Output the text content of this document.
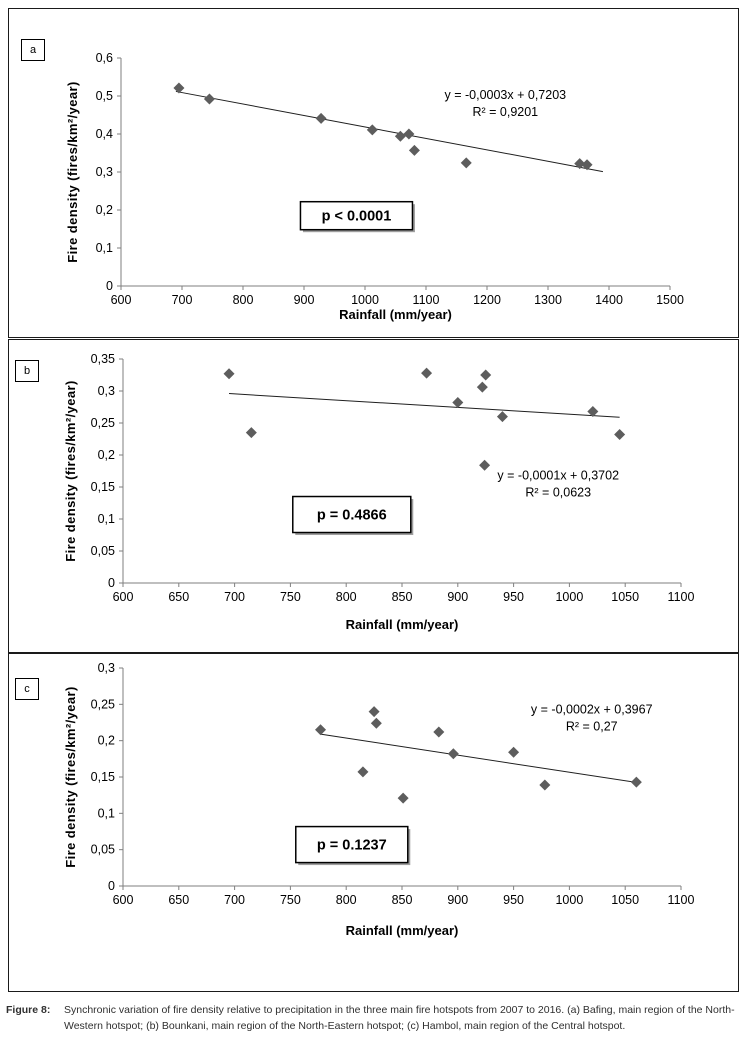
a
600	700	800	900	1000	1100	1200	1300	1400	1500
0
0,1
0,2
0,3
0,4
0,5
0,6
Rainfall (mm/year)
Fire density (fires/km²/year)	y = -0,0003x + 0,7203
R² = 0,9201
p < 0.0001
b
600	650	700	750	800	850	900	950	1000 1050 1100
0
0,05
0,1
0,15
0,2
0,25
0,3
0,35
Rainfall (mm/year)
Fire density (fires/km²/year)	y = -0,0001x + 0,3702
R² = 0,0623
p = 0.4866
c
600	650	700	750	800	850	900	950	1000 1050 1100
0
0,05
0,1
0,15
0,2
0,25
0,3
Rainfall (mm/year)
Fire density (fires/km²/year)	y = -0,0002x + 0,3967
R² = 0,27
p = 0.1237
Figure 8:	Synchronic variation of fire density relative to precipitation in the three main fire hotspots from 2007 to 2016. (a) Bafing, main region of the North-Western hotspot; (b) Bounkani, main region of the North-Eastern hotspot; (c) Hambol, main region of the Central hotspot.
